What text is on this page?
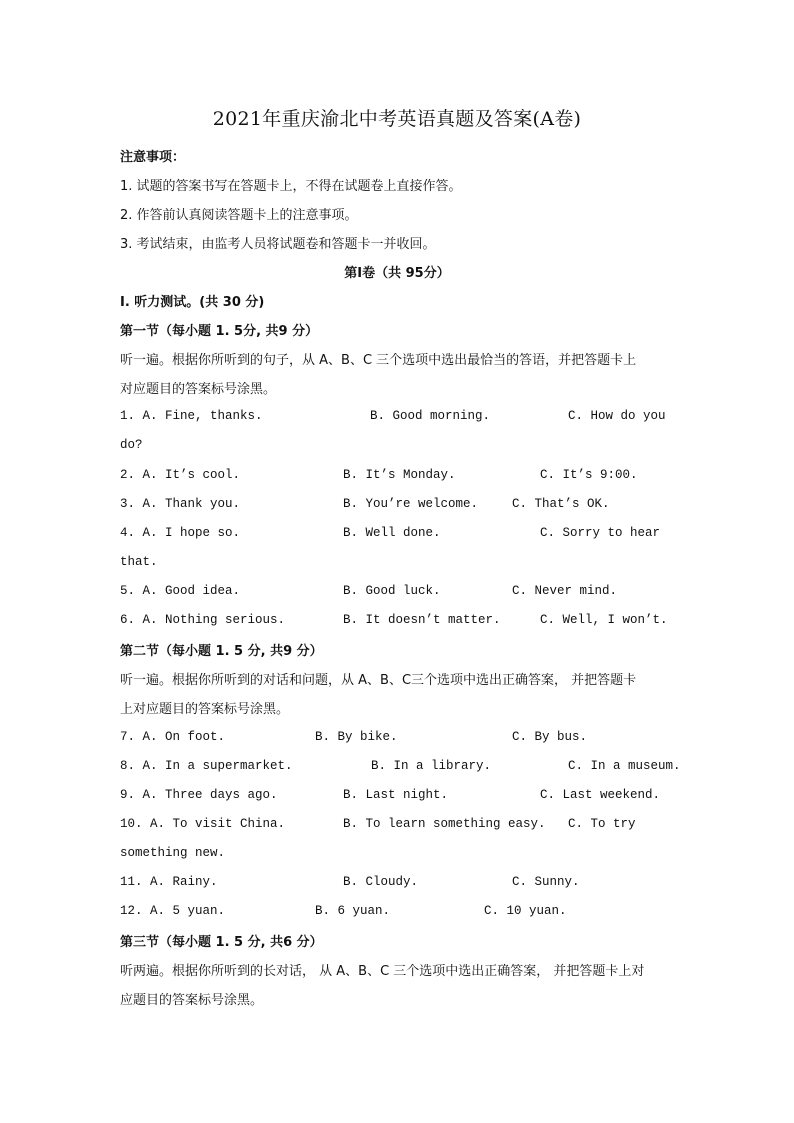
2021年重庆渝北中考英语真题及答案(A卷)
注意事项：
1. 试题的答案书写在答题卡上，不得在试题卷上直接作答。
2. 作答前认真阅读答题卡上的注意事项。
3. 考试结束，由监考人员将试题卷和答题卡一并收回。
第Ⅰ卷（共 95分）
I. 听力测试。(共 30 分)
第一节（每小题 1. 5分, 共9 分）
听一遍。根据你所听到的句子，从 A、B、C 三个选项中选出最恰当的答语，并把答题卡上
对应题目的答案标号涂黑。
1. A. Fine, thanks.	B. Good morning.	C. How do you
do?
2. A. It’s cool.	B. It’s Monday.	C. It’s 9:00.
3. A. Thank you.	B. You’re welcome.	C. That’s OK.
4. A. I hope so.	B. Well done.	C. Sorry to hear
that.
5. A. Good idea.	B. Good luck.	C. Never mind.
6. A. Nothing serious.	B. It doesn’t matter.	C. Well, I won’t.
第二节（每小题 1. 5 分, 共9 分）
听一遍。根据你所听到的对话和问题，从 A、B、C三个选项中选出正确答案， 并把答题卡
上对应题目的答案标号涂黑。
7. A. On foot.	B. By bike.	C. By bus.
8. A. In a supermarket.	B. In a library.	C. In a museum.
9. A. Three days ago.	B. Last night.	C. Last weekend.
10. A. To visit China.	B. To learn something easy. C. To try
something new.
11. A. Rainy.	B. Cloudy.	C. Sunny.
12. A. 5 yuan.	B. 6 yuan.	C. 10 yuan.
第三节（每小题 1. 5 分, 共6 分）
听两遍。根据你所听到的长对话， 从 A、B、C 三个选项中选出正确答案， 并把答题卡上对
应题目的答案标号涂黑。
